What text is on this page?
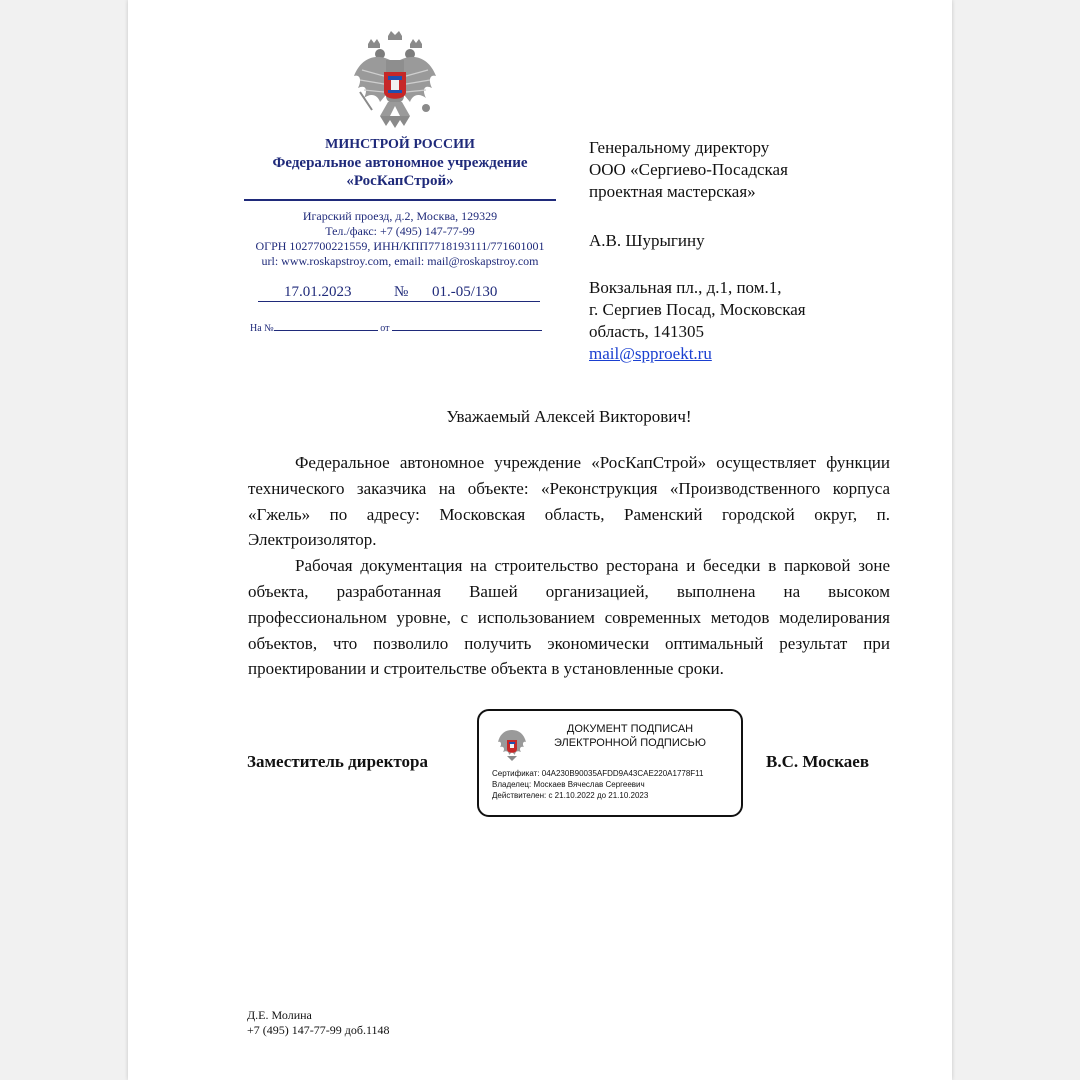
МИНСТРОЙ РОССИИ
Федеральное автономное учреждение
«РосКапСтрой»
Игарский проезд, д.2, Москва, 129329
Тел./факс: +7 (495) 147-77-99
ОГРН 1027700221559, ИНН/КПП7718193111/771601001
url: www.roskapstroy.com, email: mail@roskapstroy.com
17.01.2023	№ 01.-05/130
На №	от

Генеральному директору

ООО «Сергиево-Посадская

проектная мастерская»

А.В. Шурыгину

Вокзальная пл., д.1, пом.1,

г. Сергиев Посад, Московская

область, 141305

mail@spproekt.ru

Уважаемый Алексей Викторович!

Федеральное автономное учреждение «РосКапСтрой» осуществляет функции технического заказчика на объекте: «Реконструкция «Производственного корпуса «Гжель» по адресу: Московская область, Раменский городской округ, п. Электроизолятор.

Рабочая документация на строительство ресторана и беседки в парковой зоне объекта, разработанная Вашей организацией, выполнена на высоком профессиональном уровне, с использованием современных методов моделирования объектов, что позволило получить экономически оптимальный результат при проектировании и строительстве объекта в установленные сроки.

Заместитель директора	В.С. Москаев
ДОКУМЕНТ ПОДПИСАН
ЭЛЕКТРОННОЙ ПОДПИСЬЮ
Сертификат: 04A230B90035AFDD9A43CAE220A1778F11
Владелец: Москаев Вячеслав Сергеевич
Действителен: с 21.10.2022 до 21.10.2023
Д.Е. Молина
+7 (495) 147-77-99 доб.1148
